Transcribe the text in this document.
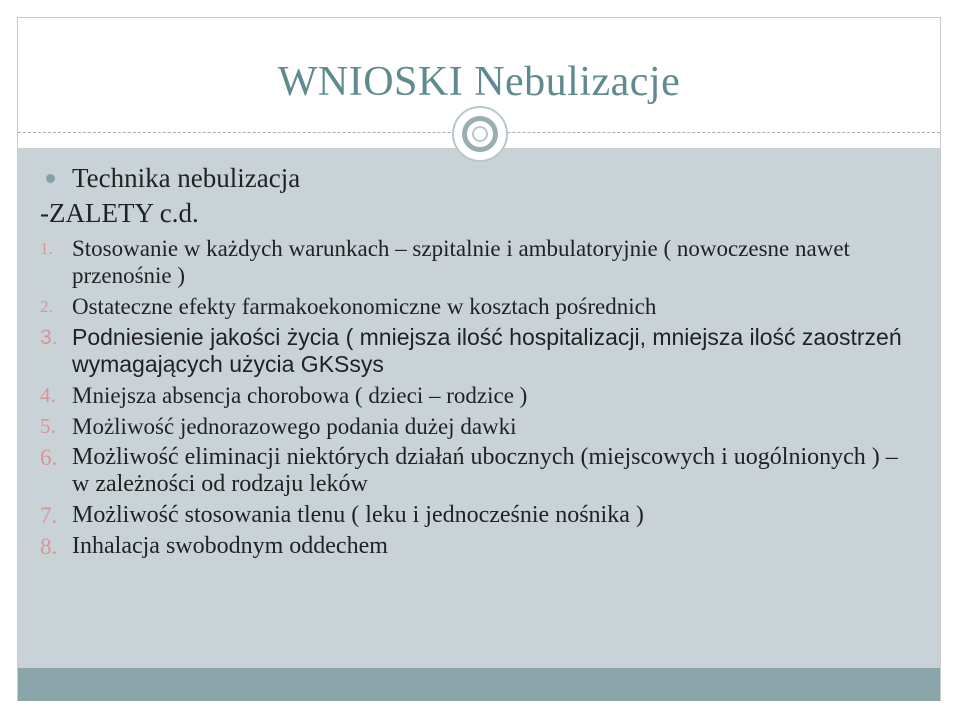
WNIOSKI Nebulizacje

Technika nebulizacja

-ZALETY c.d.

1. Stosowanie w każdych warunkach – szpitalnie i ambulatoryjnie ( nowoczesne nawet przenośnie )
2. Ostateczne efekty farmakoekonomiczne w kosztach pośrednich
3. Podniesienie jakości życia ( mniejsza ilość hospitalizacji, mniejsza ilość zaostrzeń wymagających użycia GKSsys
4. Mniejsza absencja chorobowa ( dzieci – rodzice )
5. Możliwość jednorazowego podania dużej dawki
6. Możliwość eliminacji niektórych działań ubocznych (miejscowych i uogólnionych ) – w zależności od rodzaju leków
7. Możliwość stosowania tlenu ( leku i jednocześnie nośnika )
8. Inhalacja swobodnym oddechem
